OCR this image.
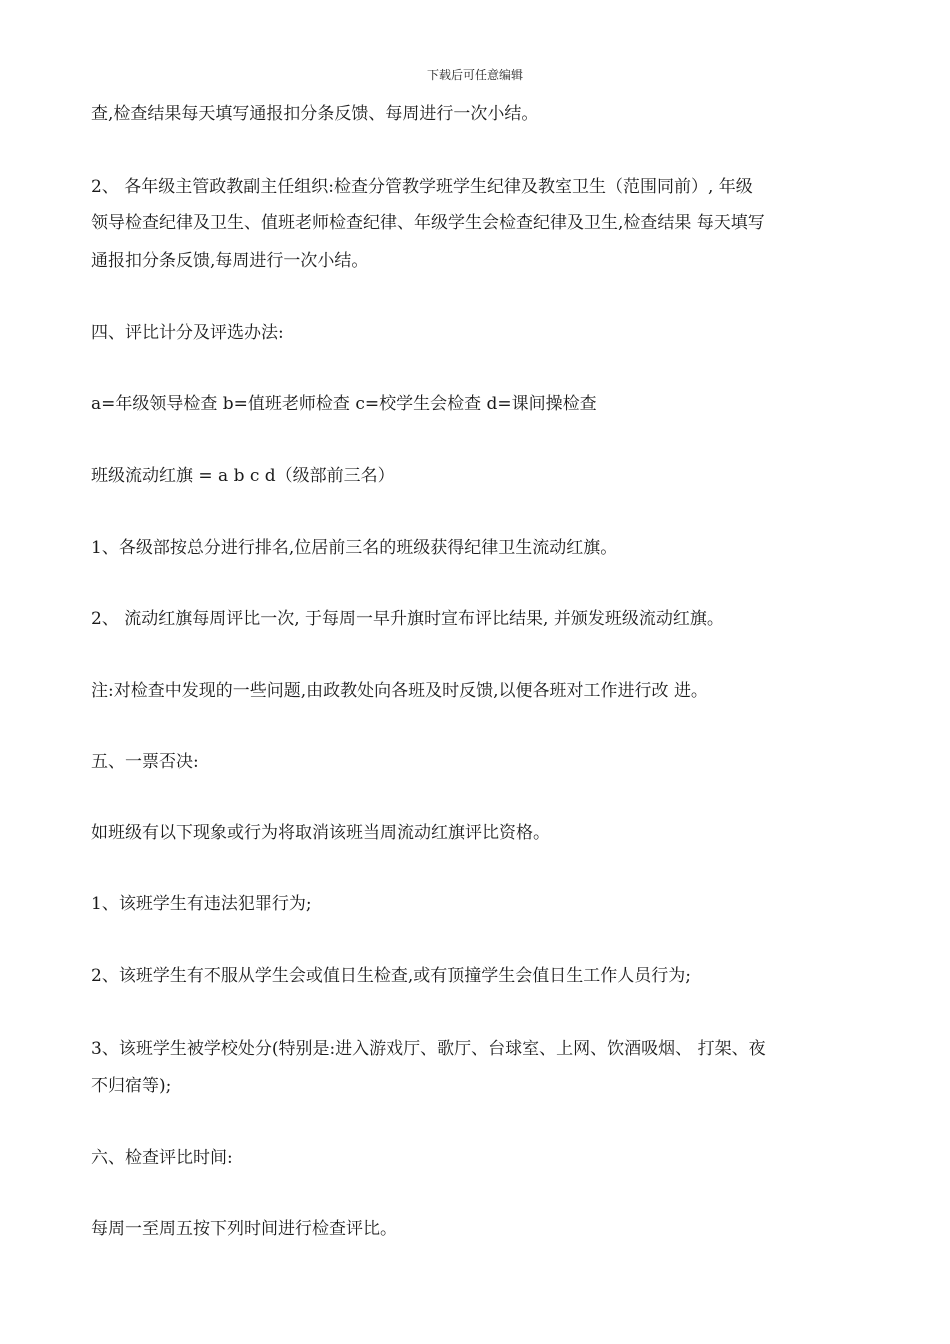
下载后可任意编辑
查,检查结果每天填写通报扣分条反馈、每周进行一次小结。
2、 各年级主管政教副主任组织:检查分管教学班学生纪律及教室卫生（范围同前）, 年级
领导检查纪律及卫生、值班老师检查纪律、年级学生会检查纪律及卫生,检查结果 每天填写
通报扣分条反馈,每周进行一次小结。
四、评比计分及评选办法:
a=年级领导检查 b=值班老师检查 c=校学生会检查 d=课间操检查
班级流动红旗 = a b c d（级部前三名）
1、各级部按总分进行排名,位居前三名的班级获得纪律卫生流动红旗。
2、 流动红旗每周评比一次, 于每周一早升旗时宣布评比结果, 并颁发班级流动红旗。
注:对检查中发现的一些问题,由政教处向各班及时反馈,以便各班对工作进行改 进。
五、一票否决:
如班级有以下现象或行为将取消该班当周流动红旗评比资格。
1、该班学生有违法犯罪行为;
2、该班学生有不服从学生会或值日生检查,或有顶撞学生会值日生工作人员行为;
3、该班学生被学校处分(特别是:进入游戏厅、歌厅、台球室、上网、饮酒吸烟、 打架、夜
不归宿等);
六、检查评比时间:
每周一至周五按下列时间进行检查评比。
